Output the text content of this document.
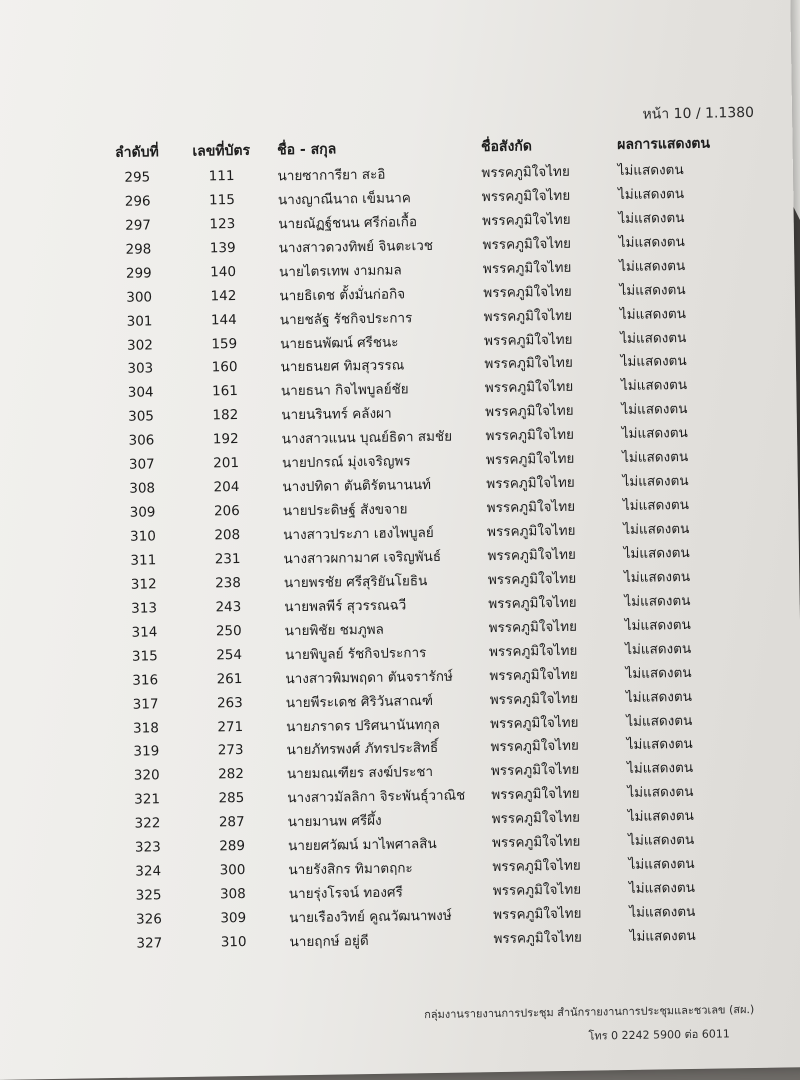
หน้า 10 / 1.1380
ลำดับที่	เลขที่บัตร	ชื่อ - สกุล	ชื่อสังกัด	ผลการแสดงตน
295	111	นายซาการียา สะอิ	พรรคภูมิใจไทย	ไม่แสดงตน
296	115	นางญาณีนาถ เข็มนาค	พรรคภูมิใจไทย	ไม่แสดงตน
297	123	นายณัฏฐ์ชนน ศรีก่อเกื้อ	พรรคภูมิใจไทย	ไม่แสดงตน
298	139	นางสาวดวงทิพย์ จินตะเวช	พรรคภูมิใจไทย	ไม่แสดงตน
299	140	นายไตรเทพ งามกมล	พรรคภูมิใจไทย	ไม่แสดงตน
300	142	นายธิเดช ตั้งมั่นก่อกิจ	พรรคภูมิใจไทย	ไม่แสดงตน
301	144	นายชลัฐ รัชกิจประการ	พรรคภูมิใจไทย	ไม่แสดงตน
302	159	นายธนพัฒน์ ศรีชนะ	พรรคภูมิใจไทย	ไม่แสดงตน
303	160	นายธนยศ ทิมสุวรรณ	พรรคภูมิใจไทย	ไม่แสดงตน
304	161	นายธนา กิจไพบูลย์ชัย	พรรคภูมิใจไทย	ไม่แสดงตน
305	182	นายนรินทร์ คลังผา	พรรคภูมิใจไทย	ไม่แสดงตน
306	192	นางสาวแนน บุณย์ธิดา สมชัย	พรรคภูมิใจไทย	ไม่แสดงตน
307	201	นายปกรณ์ มุ่งเจริญพร	พรรคภูมิใจไทย	ไม่แสดงตน
308	204	นางปทิดา ตันติรัตนานนท์	พรรคภูมิใจไทย	ไม่แสดงตน
309	206	นายประดิษฐ์ สังขจาย	พรรคภูมิใจไทย	ไม่แสดงตน
310	208	นางสาวประภา เฮงไพบูลย์	พรรคภูมิใจไทย	ไม่แสดงตน
311	231	นางสาวผกามาศ เจริญพันธ์	พรรคภูมิใจไทย	ไม่แสดงตน
312	238	นายพรชัย ศรีสุริยันโยธิน	พรรคภูมิใจไทย	ไม่แสดงตน
313	243	นายพลพีร์ สุวรรณฉวี	พรรคภูมิใจไทย	ไม่แสดงตน
314	250	นายพิชัย ชมภูพล	พรรคภูมิใจไทย	ไม่แสดงตน
315	254	นายพิบูลย์ รัชกิจประการ	พรรคภูมิใจไทย	ไม่แสดงตน
316	261	นางสาวพิมพฤดา ตันจรารักษ์	พรรคภูมิใจไทย	ไม่แสดงตน
317	263	นายพีระเดช ศิริวันสาณฑ์	พรรคภูมิใจไทย	ไม่แสดงตน
318	271	นายภราดร ปริศนานันทกุล	พรรคภูมิใจไทย	ไม่แสดงตน
319	273	นายภัทรพงศ์ ภัทรประสิทธิ์	พรรคภูมิใจไทย	ไม่แสดงตน
320	282	นายมณเฑียร สงฆ์ประชา	พรรคภูมิใจไทย	ไม่แสดงตน
321	285	นางสาวมัลลิกา จิระพันธุ์วาณิช	พรรคภูมิใจไทย	ไม่แสดงตน
322	287	นายมานพ ศรีผึ้ง	พรรคภูมิใจไทย	ไม่แสดงตน
323	289	นายยศวัฒน์ มาไพศาลสิน	พรรคภูมิใจไทย	ไม่แสดงตน
324	300	นายรังสิกร ทิมาตฤกะ	พรรคภูมิใจไทย	ไม่แสดงตน
325	308	นายรุ่งโรจน์ ทองศรี	พรรคภูมิใจไทย	ไม่แสดงตน
326	309	นายเรืองวิทย์ คูณวัฒนาพงษ์	พรรคภูมิใจไทย	ไม่แสดงตน
327	310	นายฤกษ์ อยู่ดี	พรรคภูมิใจไทย	ไม่แสดงตน
กลุ่มงานรายงานการประชุม สำนักรายงานการประชุมและชวเลข (สผ.)
โทร 0 2242 5900 ต่อ 6011
